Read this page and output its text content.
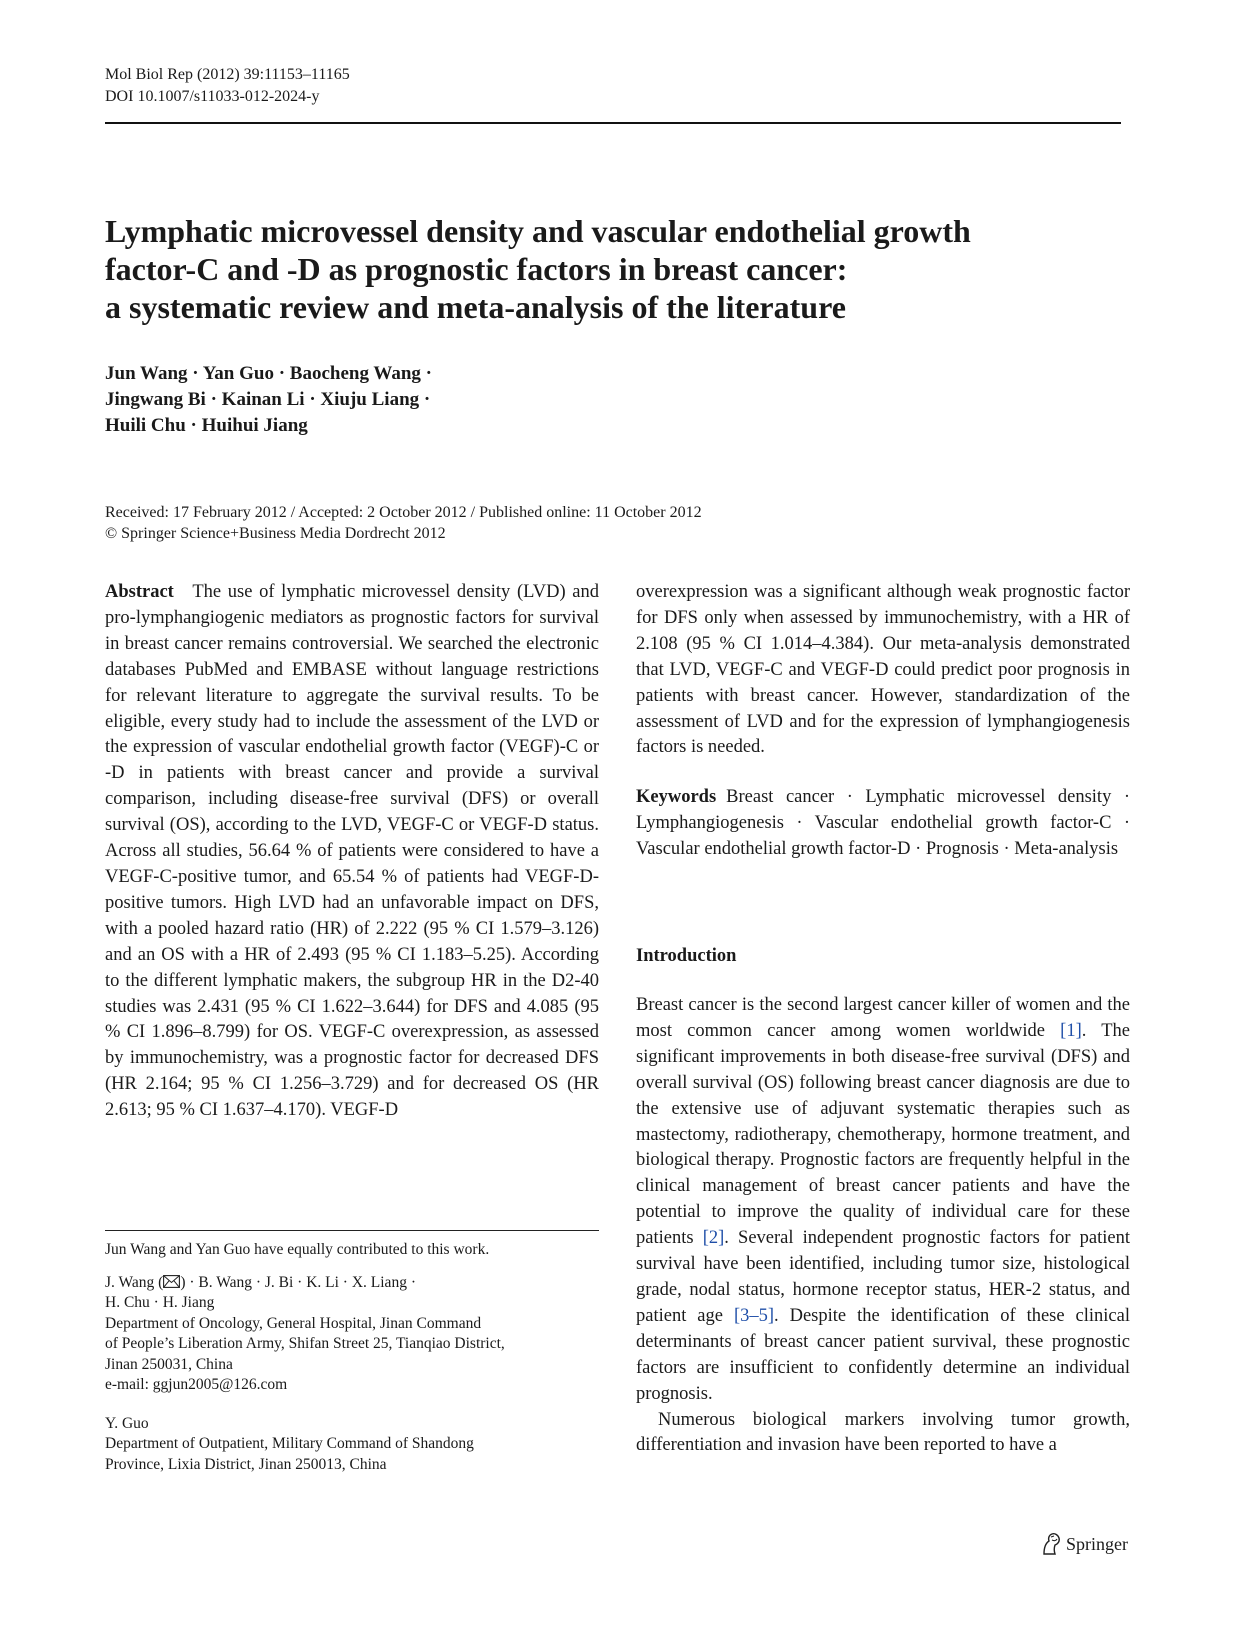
Mol Biol Rep (2012) 39:11153–11165
DOI 10.1007/s11033-012-2024-y
Lymphatic microvessel density and vascular endothelial growth
factor-C and -D as prognostic factors in breast cancer:
a systematic review and meta-analysis of the literature
Jun Wang · Yan Guo · Baocheng Wang ·
Jingwang Bi · Kainan Li · Xiuju Liang ·
Huili Chu · Huihui Jiang
Received: 17 February 2012 / Accepted: 2 October 2012 / Published online: 11 October 2012
© Springer Science+Business Media Dordrecht 2012

Abstract  The use of lymphatic microvessel density (LVD) and pro-lymphangiogenic mediators as prognostic factors for survival in breast cancer remains controversial. We searched the electronic databases PubMed and EMBASE without language restrictions for relevant literature to aggregate the survival results. To be eligible, every study had to include the assessment of the LVD or the expression of vascular endothelial growth factor (VEGF)-C or -D in patients with breast cancer and provide a survival comparison, including disease-free survival (DFS) or overall survival (OS), according to the LVD, VEGF-C or VEGF-D status. Across all studies, 56.64 % of patients were considered to have a VEGF-C-positive tumor, and 65.54 % of patients had VEGF-D-positive tumors. High LVD had an unfavorable impact on DFS, with a pooled hazard ratio (HR) of 2.222 (95 % CI 1.579–3.126) and an OS with a HR of 2.493 (95 % CI 1.183–5.25). According to the different lymphatic makers, the subgroup HR in the D2-40 studies was 2.431 (95 % CI 1.622–3.644) for DFS and 4.085 (95 % CI 1.896–8.799) for OS. VEGF-C overexpression, as assessed by immunochemistry, was a prognostic factor for decreased DFS (HR 2.164; 95 % CI 1.256–3.729) and for decreased OS (HR 2.613; 95 % CI 1.637–4.170). VEGF-D

Jun Wang and Yan Guo have equally contributed to this work.

J. Wang ( ) · B. Wang · J. Bi · K. Li · X. Liang ·
H. Chu · H. Jiang
Department of Oncology, General Hospital, Jinan Command
of People’s Liberation Army, Shifan Street 25, Tianqiao District,
Jinan 250031, China
e-mail: ggjun2005@126.com

Y. Guo
Department of Outpatient, Military Command of Shandong
Province, Lixia District, Jinan 250013, China

overexpression was a significant although weak prognostic factor for DFS only when assessed by immunochemistry, with a HR of 2.108 (95 % CI 1.014–4.384). Our meta-analysis demonstrated that LVD, VEGF-C and VEGF-D could predict poor prognosis in patients with breast cancer. However, standardization of the assessment of LVD and for the expression of lymphangiogenesis factors is needed.

Keywords Breast cancer · Lymphatic microvessel density · Lymphangiogenesis · Vascular endothelial growth factor-C · Vascular endothelial growth factor-D · Prognosis · Meta-analysis

Introduction

Breast cancer is the second largest cancer killer of women and the most common cancer among women worldwide [1]. The significant improvements in both disease-free survival (DFS) and overall survival (OS) following breast cancer diagnosis are due to the extensive use of adjuvant systematic therapies such as mastectomy, radiotherapy, chemotherapy, hormone treatment, and biological therapy. Prognostic factors are frequently helpful in the clinical management of breast cancer patients and have the potential to improve the quality of individual care for these patients [2]. Several independent prognostic factors for patient survival have been identified, including tumor size, histological grade, nodal status, hormone receptor status, HER-2 status, and patient age [3–5]. Despite the identification of these clinical determinants of breast cancer patient survival, these prognostic factors are insufficient to confidently determine an individual prognosis.

Numerous biological markers involving tumor growth, differentiation and invasion have been reported to have a

Springer
